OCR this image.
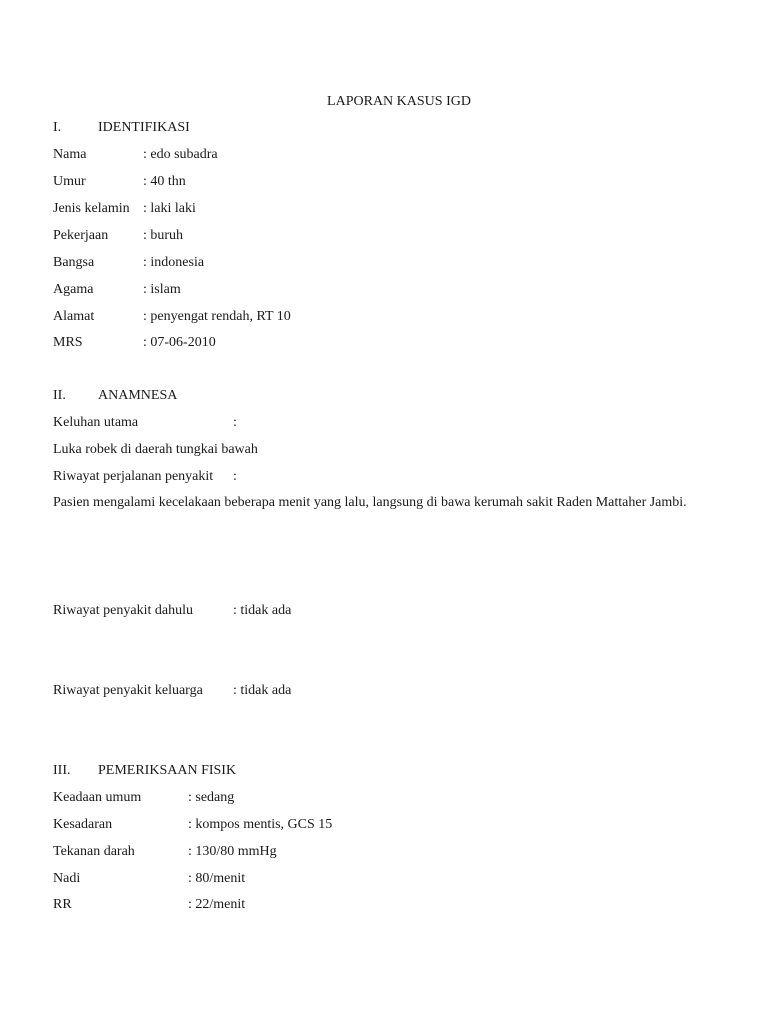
LAPORAN KASUS IGD
I.	IDENTIFIKASI
Nama	: edo subadra
Umur	: 40 thn
Jenis kelamin : laki laki
Pekerjaan : buruh
Bangsa	: indonesia
Agama	: islam
Alamat	: penyengat rendah, RT 10
MRS	: 07-06-2010
II. ANAMNESA
Keluhan utama	:
Luka robek di daerah tungkai bawah
Riwayat perjalanan penyakit :
Pasien mengalami kecelakaan beberapa menit yang lalu, langsung di bawa kerumah sakit Raden Mattaher Jambi.
Riwayat penyakit dahulu	: tidak ada
Riwayat penyakit keluarga : tidak ada
III. PEMERIKSAAN FISIK
Keadaan umum	: sedang
Kesadaran	: kompos mentis, GCS 15
Tekanan darah	: 130/80 mmHg
Nadi	: 80/menit
RR	: 22/menit
